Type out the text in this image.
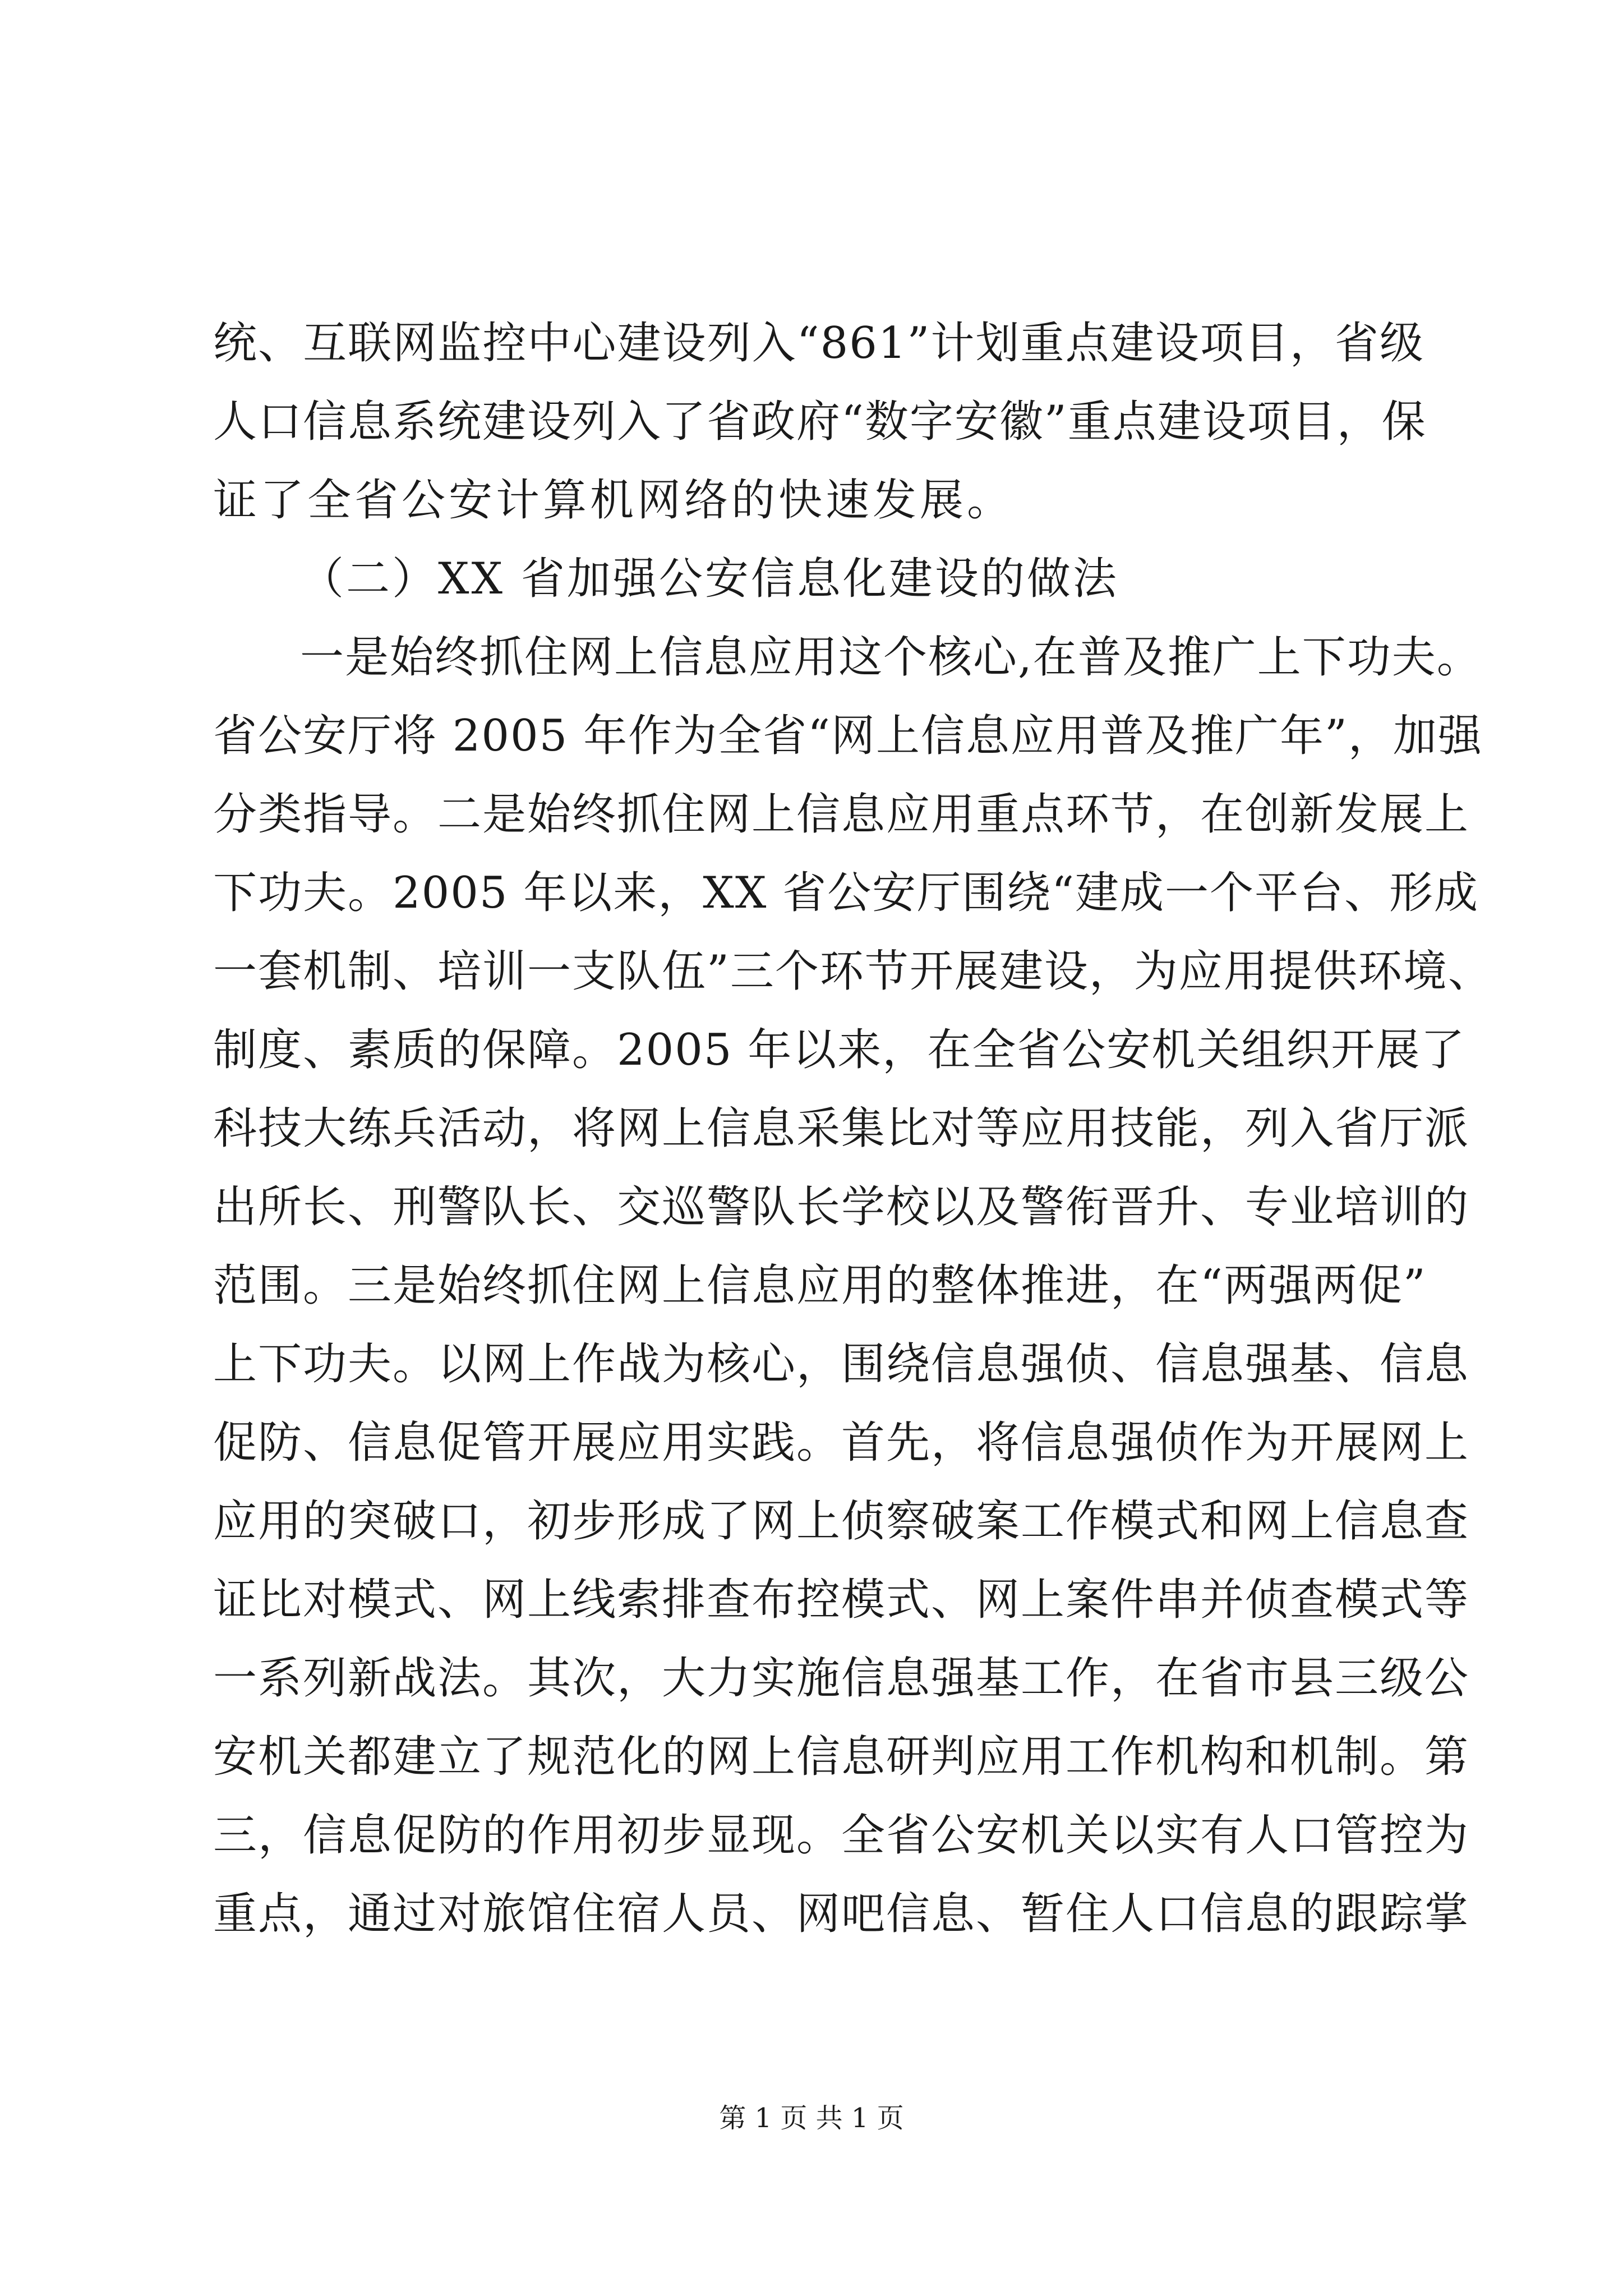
统、互联网监控中心建设列入“861”计划重点建设项目，省级
人口信息系统建设列入了省政府“数字安徽”重点建设项目，保
证了全省公安计算机网络的快速发展。
（二）XX 省加强公安信息化建设的做法
一是始终抓住网上信息应用这个核心,在普及推广上下功夫。
省公安厅将 2005 年作为全省“网上信息应用普及推广年”，加强
分类指导。二是始终抓住网上信息应用重点环节，在创新发展上
下功夫。2005 年以来，XX 省公安厅围绕“建成一个平台、形成
一套机制、培训一支队伍”三个环节开展建设，为应用提供环境、
制度、素质的保障。2005 年以来，在全省公安机关组织开展了
科技大练兵活动，将网上信息采集比对等应用技能，列入省厅派
出所长、刑警队长、交巡警队长学校以及警衔晋升、专业培训的
范围。三是始终抓住网上信息应用的整体推进，在“两强两促”
上下功夫。以网上作战为核心，围绕信息强侦、信息强基、信息
促防、信息促管开展应用实践。首先，将信息强侦作为开展网上
应用的突破口，初步形成了网上侦察破案工作模式和网上信息查
证比对模式、网上线索排查布控模式、网上案件串并侦查模式等
一系列新战法。其次，大力实施信息强基工作，在省市县三级公
安机关都建立了规范化的网上信息研判应用工作机构和机制。第
三，信息促防的作用初步显现。全省公安机关以实有人口管控为
重点，通过对旅馆住宿人员、网吧信息、暂住人口信息的跟踪掌
第 1 页 共 1 页
